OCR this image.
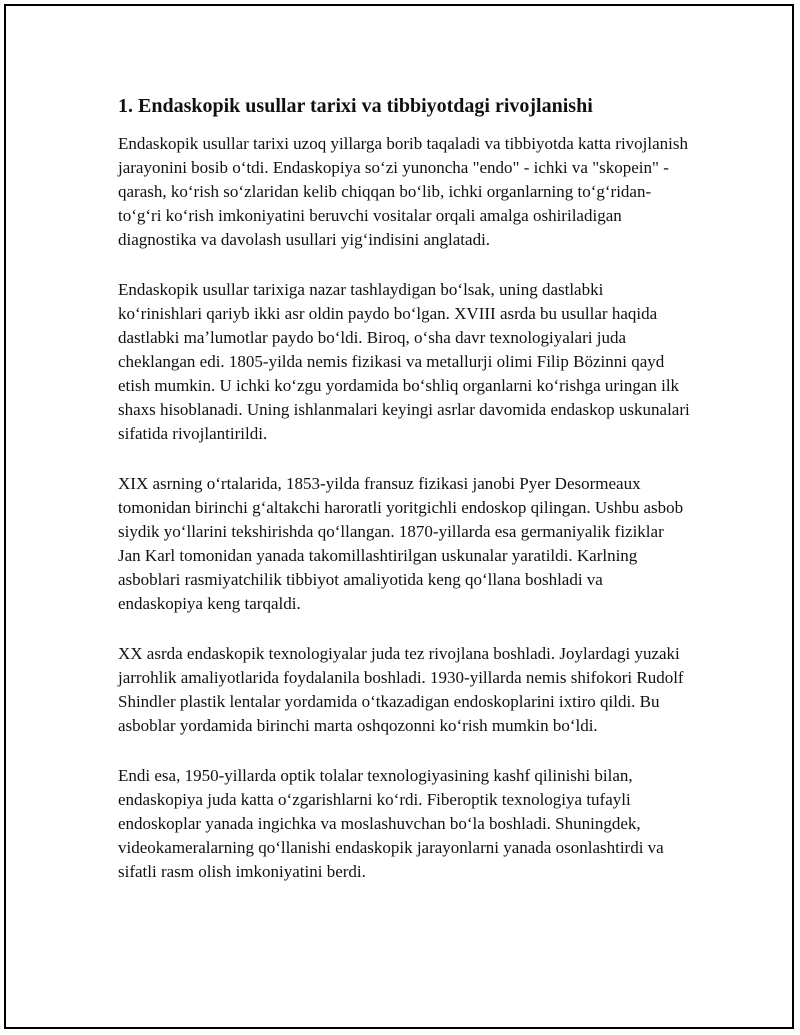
1. Endaskopik usullar tarixi va tibbiyotdagi rivojlanishi

Endaskopik usullar tarixi uzoq yillarga borib taqaladi va tibbiyotda katta rivojlanish jarayonini bosib oʻtdi. Endaskopiya soʻzi yunoncha "endo" - ichki va "skopein" - qarash, koʻrish soʻzlaridan kelib chiqqan boʻlib, ichki organlarning toʻgʻridan-toʻgʻri koʻrish imkoniyatini beruvchi vositalar orqali amalga oshiriladigan diagnostika va davolash usullari yigʻindisini anglatadi.

Endaskopik usullar tarixiga nazar tashlaydigan boʻlsak, uning dastlabki koʻrinishlari qariyb ikki asr oldin paydo boʻlgan. XVIII asrda bu usullar haqida dastlabki maʼlumotlar paydo boʻldi. Biroq, oʻsha davr texnologiyalari juda cheklangan edi. 1805-yilda nemis fizikasi va metallurji olimi Filip Bözinni qayd etish mumkin. U ichki koʻzgu yordamida boʻshliq organlarni koʻrishga uringan ilk shaxs hisoblanadi. Uning ishlanmalari keyingi asrlar davomida endaskop uskunalari sifatida rivojlantirildi.

XIX asrning oʻrtalarida, 1853-yilda fransuz fizikasi janobi Pyer Desormeaux tomonidan birinchi gʻaltakchi haroratli yoritgichli endoskop qilingan. Ushbu asbob siydik yoʻllarini tekshirishda qoʻllangan. 1870-yillarda esa germaniyalik fiziklar Jan Karl tomonidan yanada takomillashtirilgan uskunalar yaratildi. Karlning asboblari rasmiyatchilik tibbiyot amaliyotida keng qoʻllana boshladi va endaskopiya keng tarqaldi.

XX asrda endaskopik texnologiyalar juda tez rivojlana boshladi. Joylardagi yuzaki jarrohlik amaliyotlarida foydalanila boshladi. 1930-yillarda nemis shifokori Rudolf Shindler plastik lentalar yordamida oʻtkazadigan endoskoplarini ixtiro qildi. Bu asboblar yordamida birinchi marta oshqozonni koʻrish mumkin boʻldi.

Endi esa, 1950-yillarda optik tolalar texnologiyasining kashf qilinishi bilan, endaskopiya juda katta oʻzgarishlarni koʻrdi. Fiberoptik texnologiya tufayli endoskoplar yanada ingichka va moslashuvchan boʻla boshladi. Shuningdek, videokameralarning qoʻllanishi endaskopik jarayonlarni yanada osonlashtirdi va sifatli rasm olish imkoniyatini berdi.
